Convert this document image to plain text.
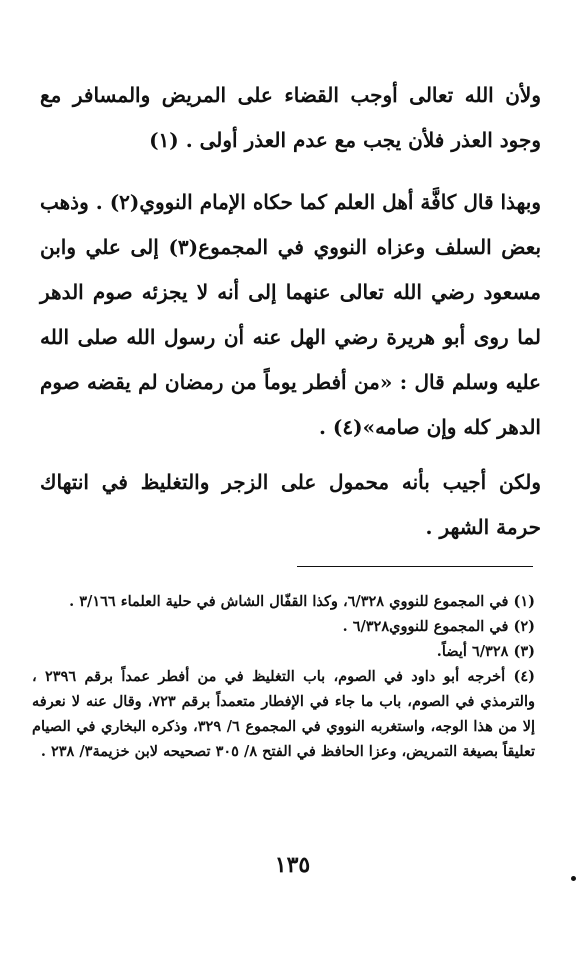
ولأن الله تعالى أوجب القضاء على المريض والمسافر مع وجود العذر فلأن يجب مع عدم العذر أولى . (١)

وبهذا قال كافَّة أهل العلم كما حكاه الإمام النووي(٢) . وذهب بعض السلف وعزاه النووي في المجموع(٣) إلى علي وابن مسعود رضي الله تعالى عنهما إلى أنه لا يجزئه صوم الدهر لما روى أبو هريرة رضي الهل عنه أن رسول الله صلى الله عليه وسلم قال : «من أفطر يوماً من رمضان لم يقضه صوم الدهر كله وإن صامه»(٤) .

ولكن أجيب بأنه محمول على الزجر والتغليظ في انتهاك حرمة الشهر .

(١) في المجموع للنووي ٦/٣٢٨، وكذا القفّال الشاش في حلية العلماء ٣/١٦٦ .

(٢) في المجموع للنووي٦/٣٢٨ .

(٣) ٦/٣٢٨ أيضاً.

(٤) أخرجه أبو داود في الصوم، باب التغليظ في من أفطر عمداً برقم ٢٣٩٦ ، والترمذي في الصوم، باب ما جاء في الإفطار متعمداً برقم ٧٢٣، وقال عنه لا نعرفه إلا من هذا الوجه، واستغربه النووي في المجموع ٦/ ٣٢٩، وذكره البخاري في الصيام تعليقاً بصيغة التمريض، وعزا الحافظ في الفتح ٨/ ٣٠٥ تصحيحه لابن خزيمة٣/ ٢٣٨ .

١٣٥
